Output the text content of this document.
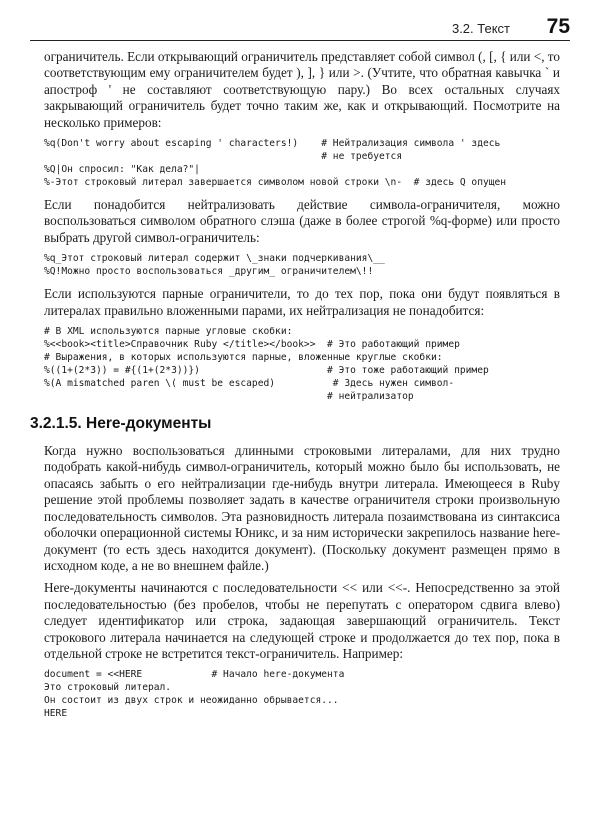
3.2. Текст 75

ограничитель. Если открывающий ограничитель представляет собой символ (, [, { или <, то соответствующим ему ограничителем будет ), ], } или >. (Учтите, что обратная кавычка ` и апостроф ' не составляют соответствующую пару.) Во всех остальных случаях закрывающий ограничитель будет точно таким же, как и открывающий. Посмотрите на несколько примеров:

%q(Don't worry about escaping ' characters!)    # Нейтрализация символа ' здесь
# не требуется
%Q|Он спросил: "Как дела?"|
%-Этот строковый литерал завершается символом новой строки \n-  # здесь Q опущен

Если понадобится нейтрализовать действие символа-ограничителя, можно воспользоваться символом обратного слэша (даже в более строгой %q-форме) или просто выбрать другой символ-ограничитель:

%q_Этот строковый литерал содержит \_знаки подчеркивания\__
%Q!Можно просто воспользоваться _другим_ ограничителем\!!

Если используются парные ограничители, то до тех пор, пока они будут появляться в литералах правильно вложенными парами, их нейтрализация не понадобится:

# В XML используются парные угловые скобки:
%<<book><title>Справочник Ruby </title></book>>  # Это работающий пример
# Выражения, в которых используются парные, вложенные круглые скобки:
%((1+(2*3)) = #{(1+(2*3))})                      # Это тоже работающий пример
%(A mismatched paren \( must be escaped)          # Здесь нужен символ-
# нейтрализатор
3.2.1.5. Here-документы

Когда нужно воспользоваться длинными строковыми литералами, для них трудно подобрать какой-нибудь символ-ограничитель, который можно было бы использовать, не опасаясь забыть о его нейтрализации где-нибудь внутри литерала. Имеющееся в Ruby решение этой проблемы позволяет задать в качестве ограничителя строки произвольную последовательность символов. Эта разновидность литерала позаимствована из синтаксиса оболочки операционной системы Юникс, и за ним исторически закрепилось название here-документ (то есть здесь находится документ). (Поскольку документ размещен прямо в исходном коде, а не во внешнем файле.)

Here-документы начинаются с последовательности << или <<-. Непосредственно за этой последовательностью (без пробелов, чтобы не перепутать с оператором сдвига влево) следует идентификатор или строка, задающая завершающий ограничитель. Текст строкового литерала начинается на следующей строке и продолжается до тех пор, пока в отдельной строке не встретится текст-ограничитель. Например:

document = <<HERE            # Начало here-документа
Это строковый литерал.
Он состоит из двух строк и неожиданно обрывается...
HERE
